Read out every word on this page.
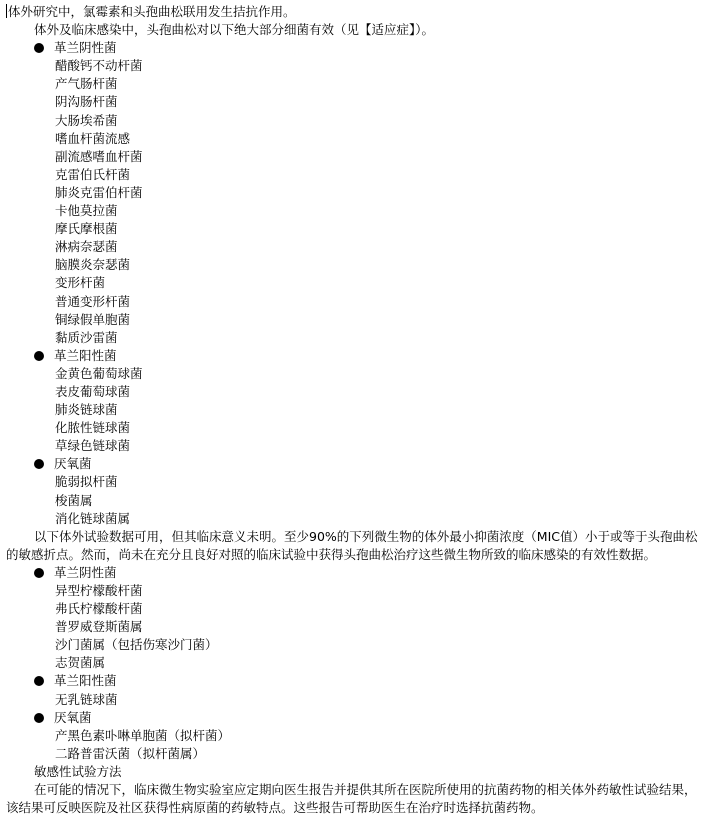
体外研究中，氯霉素和头孢曲松联用发生拮抗作用。
体外及临床感染中，头孢曲松对以下绝大部分细菌有效（见【适应症】）。
革兰阴性菌
醋酸钙不动杆菌
产气肠杆菌
阴沟肠杆菌
大肠埃希菌
嗜血杆菌流感
副流感嗜血杆菌
克雷伯氏杆菌
肺炎克雷伯杆菌
卡他莫拉菌
摩氏摩根菌
淋病奈瑟菌
脑膜炎奈瑟菌
变形杆菌
普通变形杆菌
铜绿假单胞菌
黏质沙雷菌
革兰阳性菌
金黄色葡萄球菌
表皮葡萄球菌
肺炎链球菌
化脓性链球菌
草绿色链球菌
厌氧菌
脆弱拟杆菌
梭菌属
消化链球菌属
以下体外试验数据可用，但其临床意义未明。至少90%的下列微生物的体外最小抑菌浓度（MIC值）小于或等于头孢曲松的敏感折点。然而，尚未在充分且良好对照的临床试验中获得头孢曲松治疗这些微生物所致的临床感染的有效性数据。
革兰阴性菌
异型柠檬酸杆菌
弗氏柠檬酸杆菌
普罗威登斯菌属
沙门菌属（包括伤寒沙门菌）
志贺菌属
革兰阳性菌
无乳链球菌
厌氧菌
产黑色素卟啉单胞菌（拟杆菌）
二路普雷沃菌（拟杆菌属）
敏感性试验方法
在可能的情况下，临床微生物实验室应定期向医生报告并提供其所在医院所使用的抗菌药物的相关体外药敏性试验结果，该结果可反映医院及社区获得性病原菌的药敏特点。这些报告可帮助医生在治疗时选择抗菌药物。
